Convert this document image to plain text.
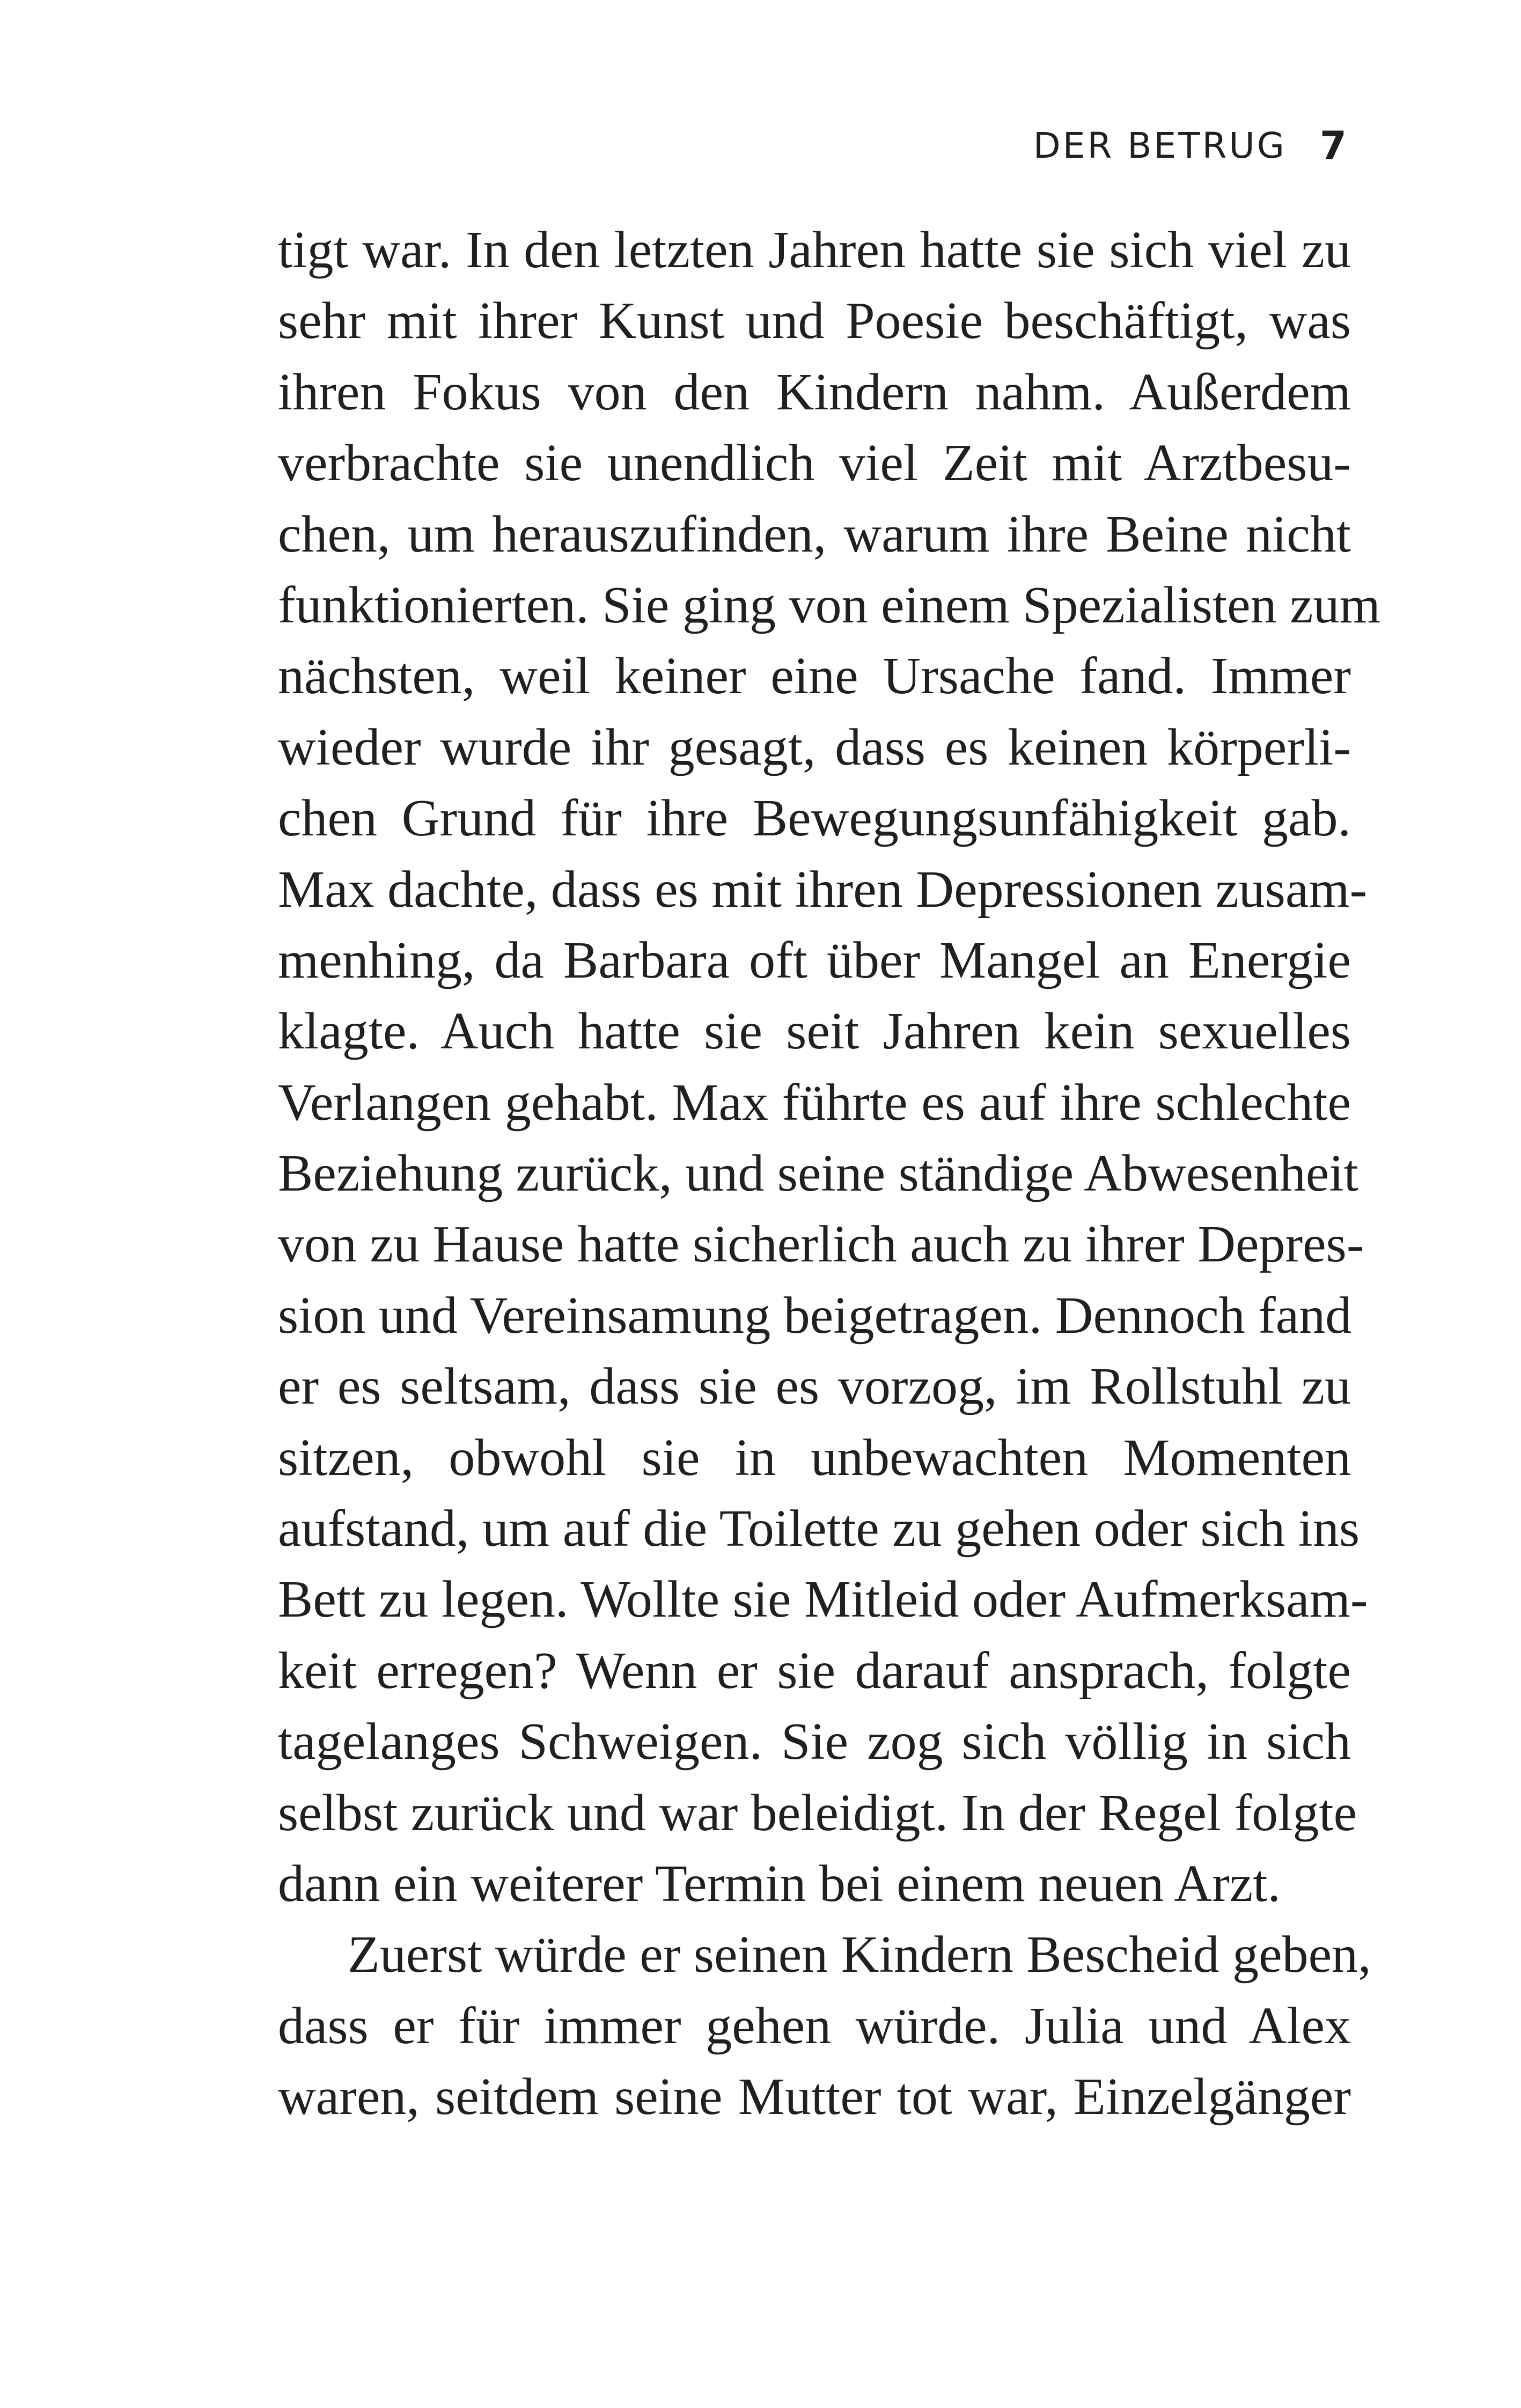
DER BETRUG 7
tigt war. In den letzten Jahren hatte sie sich viel zu
sehr mit ihrer Kunst und Poesie beschäftigt, was
ihren Fokus von den Kindern nahm. Außerdem
verbrachte sie unendlich viel Zeit mit Arztbesu-
chen, um herauszufinden, warum ihre Beine nicht
funktionierten. Sie ging von einem Spezialisten zum
nächsten, weil keiner eine Ursache fand. Immer
wieder wurde ihr gesagt, dass es keinen körperli-
chen Grund für ihre Bewegungsunfähigkeit gab.
Max dachte, dass es mit ihren Depressionen zusam-
menhing, da Barbara oft über Mangel an Energie
klagte. Auch hatte sie seit Jahren kein sexuelles
Verlangen gehabt. Max führte es auf ihre schlechte
Beziehung zurück, und seine ständige Abwesenheit
von zu Hause hatte sicherlich auch zu ihrer Depres-
sion und Vereinsamung beigetragen. Dennoch fand
er es seltsam, dass sie es vorzog, im Rollstuhl zu
sitzen, obwohl sie in unbewachten Momenten
aufstand, um auf die Toilette zu gehen oder sich ins
Bett zu legen. Wollte sie Mitleid oder Aufmerksam-
keit erregen? Wenn er sie darauf ansprach, folgte
tagelanges Schweigen. Sie zog sich völlig in sich
selbst zurück und war beleidigt. In der Regel folgte
dann ein weiterer Termin bei einem neuen Arzt.
Zuerst würde er seinen Kindern Bescheid geben,
dass er für immer gehen würde. Julia und Alex
waren, seitdem seine Mutter tot war, Einzelgänger
